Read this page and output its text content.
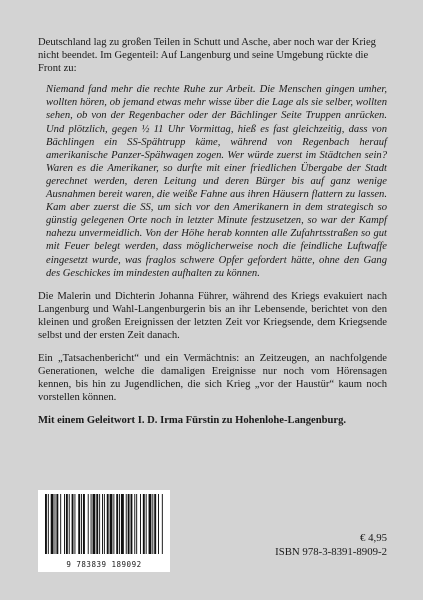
Deutschland lag zu großen Teilen in Schutt und Asche, aber noch war der Krieg nicht beendet. Im Gegenteil: Auf Langenburg und seine Umgebung rückte die Front zu:

Niemand fand mehr die rechte Ruhe zur Arbeit. Die Menschen gingen umher, wollten hören, ob jemand etwas mehr wisse über die Lage als sie selber, wollten sehen, ob von der Regenbacher oder der Bächlinger Seite Truppen anrücken. Und plötzlich, gegen ½ 11 Uhr Vormittag, hieß es fast gleichzeitig, dass von Bächlingen ein SS-Spähtrupp käme, während von Regenbach herauf amerikanische Panzer-Spähwagen zogen. Wer würde zuerst im Städtchen sein? Waren es die Amerikaner, so durfte mit einer friedlichen Übergabe der Stadt gerechnet werden, deren Leitung und deren Bürger bis auf ganz wenige Ausnahmen bereit waren, die weiße Fahne aus ihren Häusern flattern zu lassen. Kam aber zuerst die SS, um sich vor den Amerikanern in dem strategisch so günstig gelegenen Orte noch in letzter Minute festzusetzen, so war der Kampf nahezu unvermeidlich. Von der Höhe herab konnten alle Zufahrtsstraßen so gut mit Feuer belegt werden, dass möglicherweise noch die feindliche Luftwaffe eingesetzt wurde, was fraglos schwere Opfer gefordert hätte, ohne den Gang des Geschickes im mindesten aufhalten zu können.

Die Malerin und Dichterin Johanna Führer, während des Kriegs evakuiert nach Langenburg und Wahl-Langenburgerin bis an ihr Lebensende, berichtet von den kleinen und großen Ereignissen der letzten Zeit vor Kriegsende, dem Kriegsende selbst und der ersten Zeit danach.

Ein „Tatsachenbericht“ und ein Vermächtnis: an Zeitzeugen, an nachfolgende Generationen, welche die damaligen Ereignisse nur noch vom Hörensagen kennen, bis hin zu Jugendlichen, die sich Krieg „vor der Haustür“ kaum noch vorstellen können.

Mit einem Geleitwort I. D. Irma Fürstin zu Hohenlohe-Langenburg.

9 783839 189092
€ 4,95
ISBN 978-3-8391-8909-2
